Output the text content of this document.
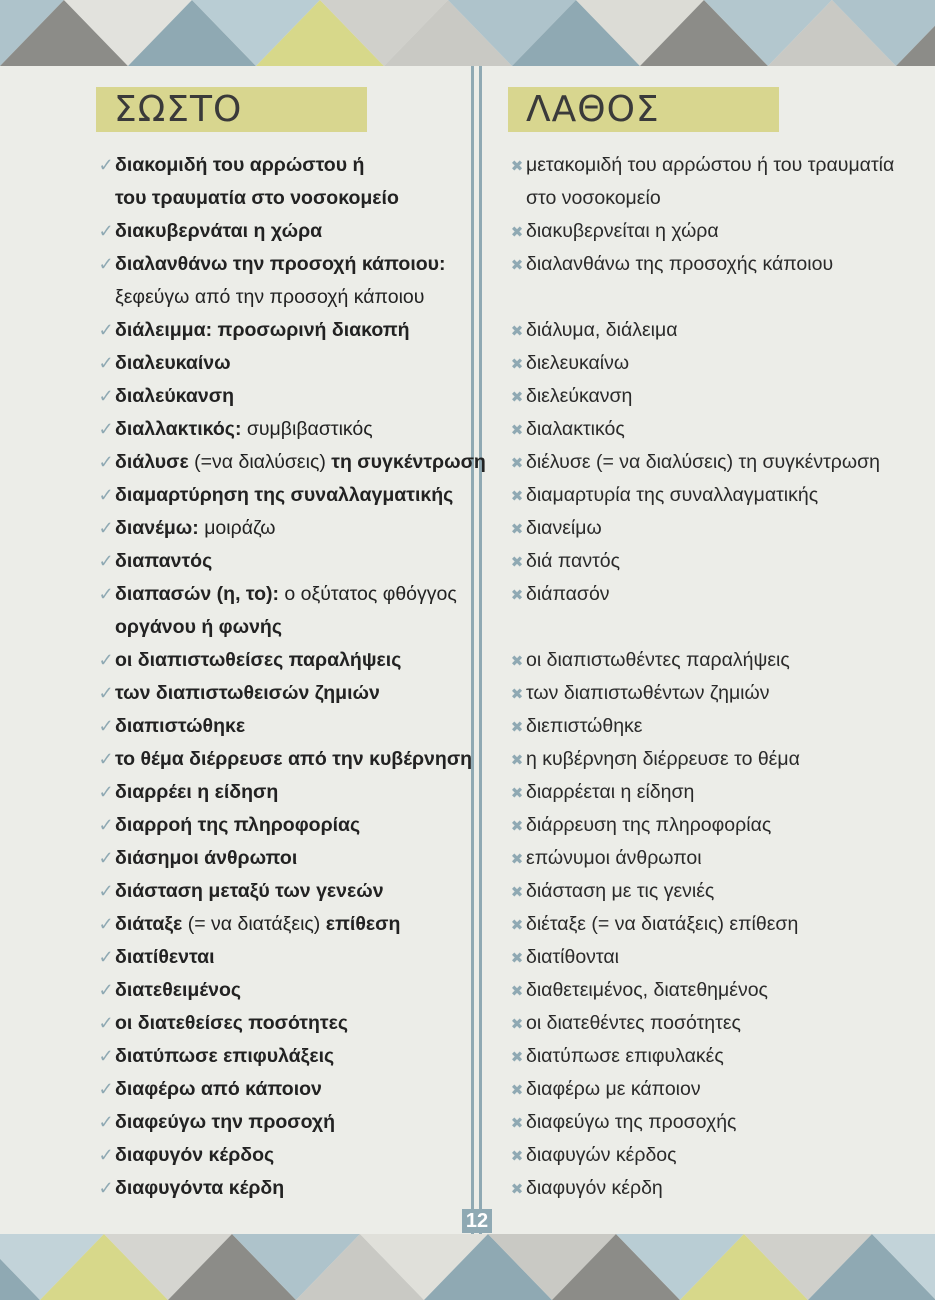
ΣΩΣΤΟ	ΛΑΘΟΣ
✓διακομιδή του αρρώστου ή
του τραυματία στο νοσοκομείο
✓διακυβερνάται η χώρα
✓διαλανθάνω την προσοχή κάποιου:
ξεφεύγω από την προσοχή κάποιου
✓διάλειμμα: προσωρινή διακοπή
✓διαλευκαίνω
✓διαλεύκανση
✓διαλλακτικός: συμβιβαστικός
✓διάλυσε (=να διαλύσεις) τη συγκέντρωση
✓διαμαρτύρηση της συναλλαγματικής
✓διανέμω: μοιράζω
✓διαπαντός
✓διαπασών (η, το): ο οξύτατος φθόγγος
οργάνου ή φωνής
✓οι διαπιστωθείσες παραλήψεις
✓των διαπιστωθεισών ζημιών
✓διαπιστώθηκε
✓το θέμα διέρρευσε από την κυβέρνηση
✓διαρρέει η είδηση
✓διαρροή της πληροφορίας
✓διάσημοι άνθρωποι
✓διάσταση μεταξύ των γενεών
✓διάταξε (= να διατάξεις) επίθεση
✓διατίθενται
✓διατεθειμένος
✓οι διατεθείσες ποσότητες
✓διατύπωσε επιφυλάξεις
✓διαφέρω από κάποιον
✓διαφεύγω την προσοχή
✓διαφυγόν κέρδος
✓διαφυγόντα κέρδη
✖ μετακομιδή του αρρώστου ή του τραυματία
στο νοσοκομείο
✖ διακυβερνείται η χώρα
✖ διαλανθάνω της προσοχής κάποιου
✖ διάλυμα, διάλειμα
✖ διελευκαίνω
✖ διελεύκανση
✖ διαλακτικός
✖ διέλυσε (= να διαλύσεις) τη συγκέντρωση
✖ διαμαρτυρία της συναλλαγματικής
✖ διανείμω
✖ διά παντός
✖ διάπασόν
✖ οι διαπιστωθέντες παραλήψεις
✖ των διαπιστωθέντων ζημιών
✖ διεπιστώθηκε
✖ η κυβέρνηση διέρρευσε το θέμα
✖ διαρρέεται η είδηση
✖ διάρρευση της πληροφορίας
✖ επώνυμοι άνθρωποι
✖ διάσταση με τις γενιές
✖ διέταξε (= να διατάξεις) επίθεση
✖ διατίθονται
✖ διαθετειμένος, διατεθημένος
✖ οι διατεθέντες ποσότητες
✖ διατύπωσε επιφυλακές
✖ διαφέρω με κάποιον
✖ διαφεύγω της προσοχής
✖ διαφυγών κέρδος
✖ διαφυγόν κέρδη
12
